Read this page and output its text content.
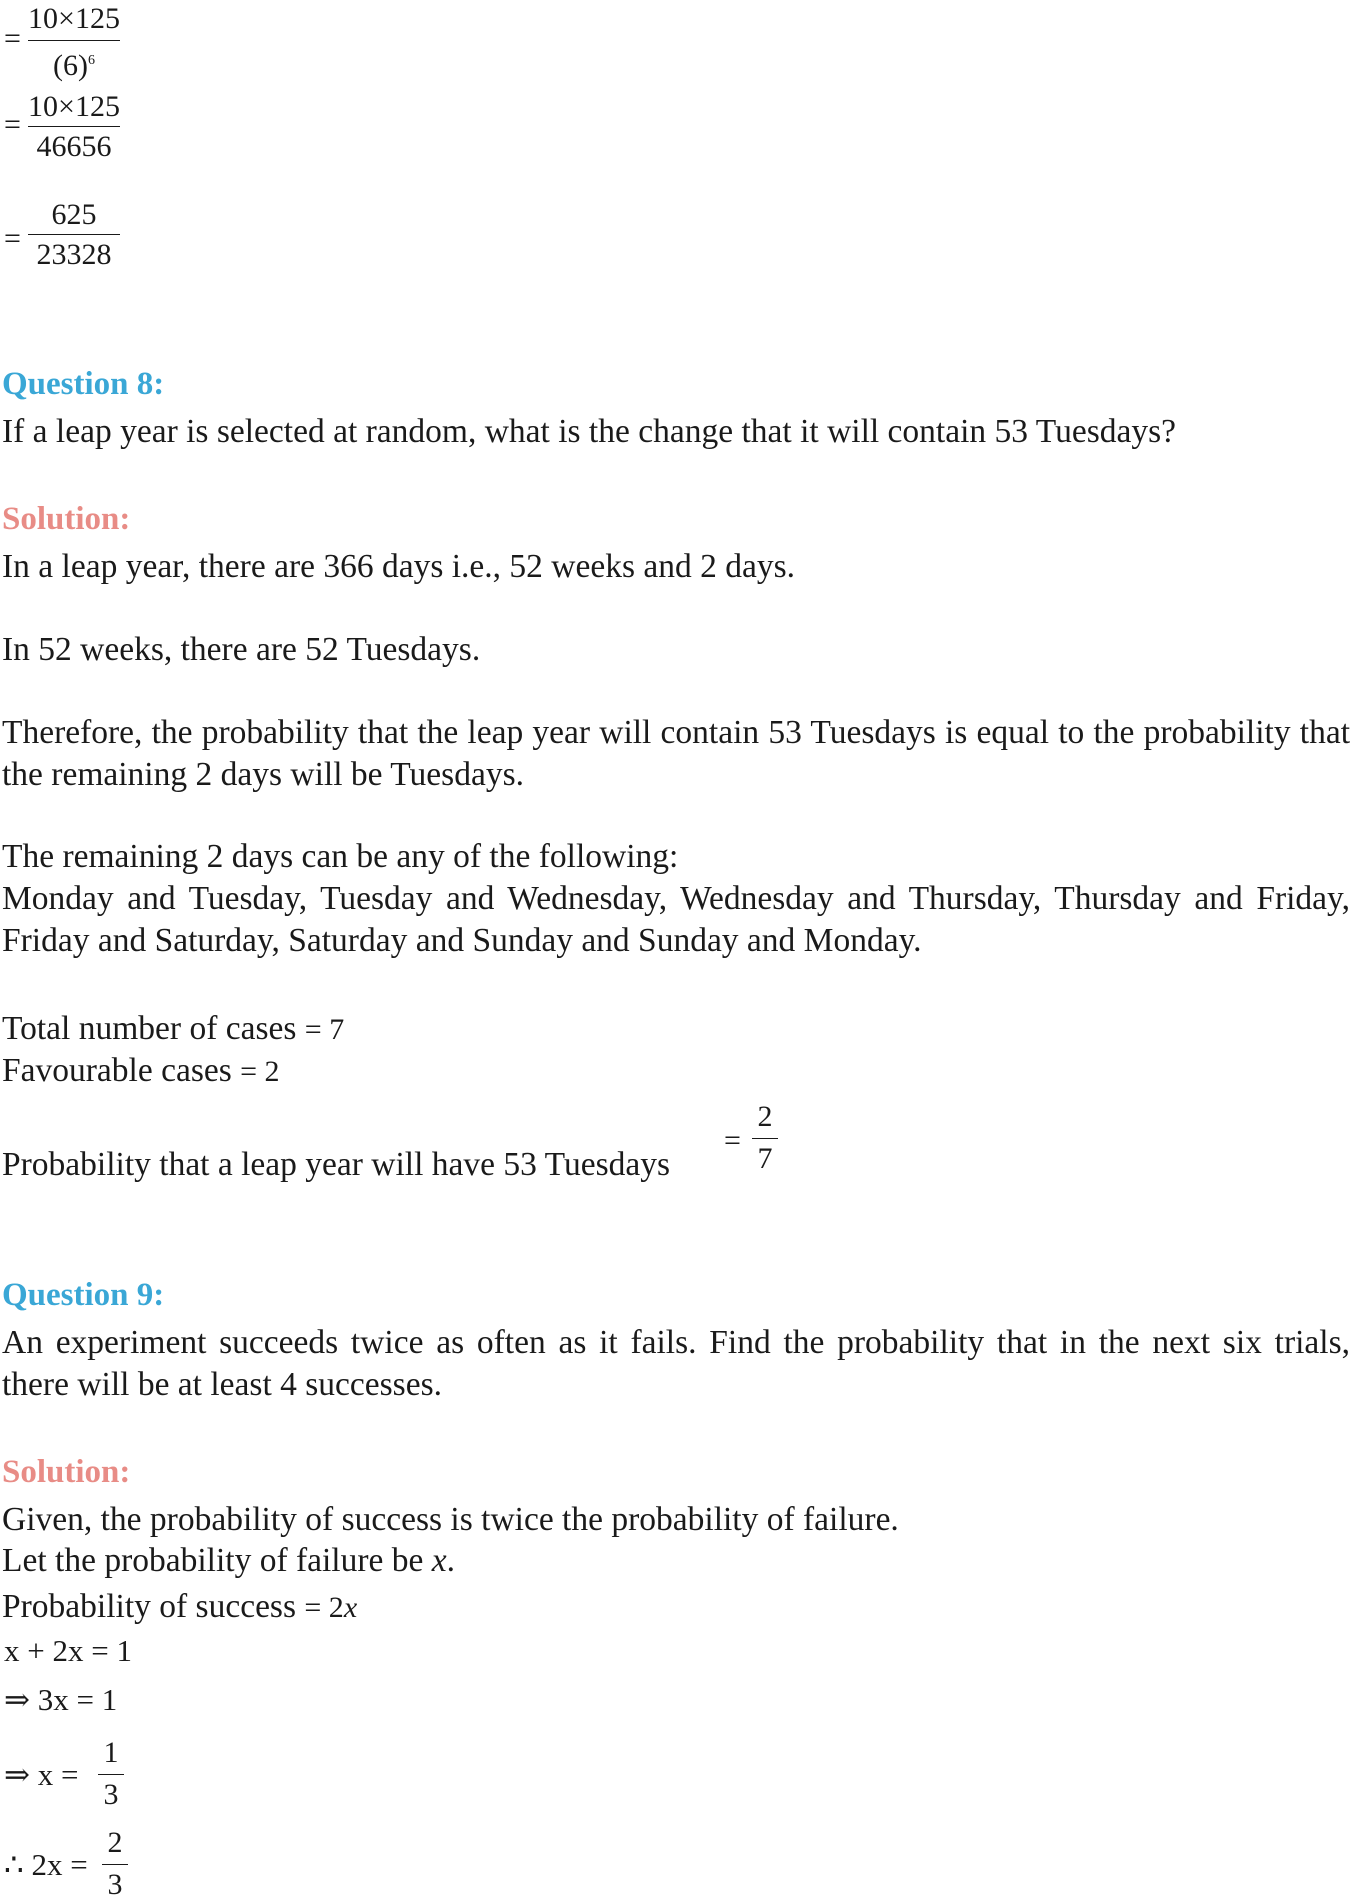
=
10×125
$(6)^6$
=
10×125
46656
=
625
23328
Question 8:
If a leap year is selected at random, what is the change that it will contain 53 Tuesdays?
Solution:
In a leap year, there are 366 days i.e., 52 weeks and 2 days.
In 52 weeks, there are 52 Tuesdays.
Therefore, the probability that the leap year will contain 53 Tuesdays is equal to the probability that the remaining 2 days will be Tuesdays.
The remaining 2 days can be any of the following:
Monday and Tuesday, Tuesday and Wednesday, Wednesday and Thursday, Thursday and Friday, Friday and Saturday, Saturday and Sunday and Sunday and Monday.
Total number of cases = 7
Favourable cases = 2
Probability that a leap year will have 53 Tuesdays
=
2
7
Question 9:
An experiment succeeds twice as often as it fails. Find the probability that in the next six trials, there will be at least 4 successes.
Solution:
Given, the probability of success is twice the probability of failure.
Let the probability of failure be x.
Probability of success = 2x
x + 2x = 1
⇒ 3x = 1
⇒ x =
1
3
∴ 2x =
2
3
